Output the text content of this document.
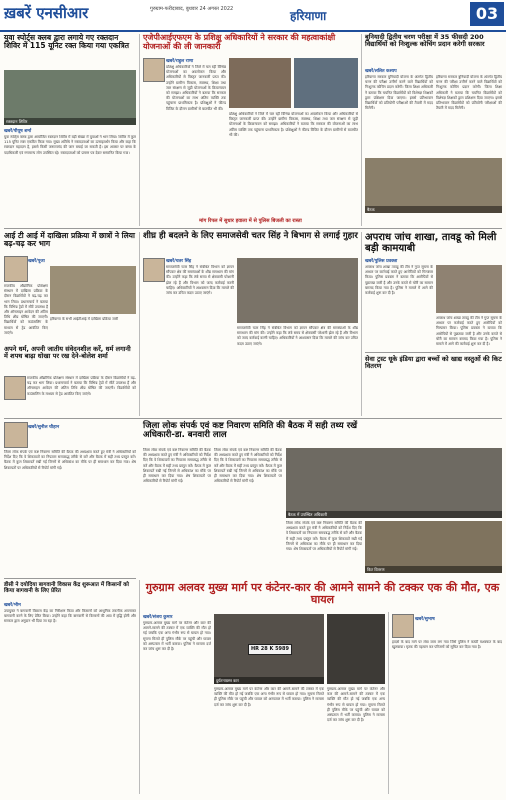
ख़बरें एनसीआर	गुरुग्राम-फरीदाबाद, बुधवार 24 अगस्त 2022	हरियाणा	03
युवा स्पोर्ट्स क्लब द्वारा लगाये गए रक्तदान शिविर में 115 यूनिट रक्त किया गया एकत्रित
रक्तदान शिविर
खबरें/पीयूष शर्मा
युवा स्पोर्ट्स क्लब द्वारा आयोजित रक्तदान शिविर में बड़ी संख्या में युवाओं ने भाग लिया। शिविर में कुल 115 यूनिट रक्त एकत्रित किया गया। मुख्य अतिथि ने रक्तदाताओं का उत्साहवर्धन किया और कहा कि रक्तदान महादान है, इससे किसी जरूरतमंद की जान बचाई जा सकती है। इस अवसर पर क्लब के पदाधिकारी एवं गणमान्य लोग उपस्थित रहे। रक्तदाताओं को प्रमाण पत्र देकर सम्मानित किया गया।
एजेपीआईएफएम के प्रशिक्षु अधिकारियों ने सरकार की महत्वाकांक्षी योजनाओं की ली जानकारी
खबरें/राहुल राणा
प्रशिक्षु अधिकारियों ने जिले में चल रही विभिन्न योजनाओं का अवलोकन किया और अधिकारियों से विस्तृत जानकारी प्राप्त की। उन्होंने ग्रामीण विकास, स्वास्थ्य, शिक्षा तथा जल संरक्षण से जुड़ी योजनाओं के क्रियान्वयन को समझा। अधिकारियों ने बताया कि सरकार की योजनाओं का लाभ अंतिम व्यक्ति तक पहुंचाना प्राथमिकता है। प्रशिक्षुओं ने फील्ड विजिट के दौरान ग्रामीणों से बातचीत भी की।
प्रशिक्षु अधिकारियों ने जिले में चल रही विभिन्न योजनाओं का अवलोकन किया और अधिकारियों से विस्तृत जानकारी प्राप्त की। उन्होंने ग्रामीण विकास, स्वास्थ्य, शिक्षा तथा जल संरक्षण से जुड़ी योजनाओं के क्रियान्वयन को समझा। अधिकारियों ने बताया कि सरकार की योजनाओं का लाभ अंतिम व्यक्ति तक पहुंचाना प्राथमिकता है। प्रशिक्षुओं ने फील्ड विजिट के दौरान ग्रामीणों से बातचीत भी की।
मांग रिपल में सुधार हवाला में से पुलिस बिजली का रास्ता
बुनियादी द्वितीय चरण परीक्षा में 35 फीसदी 200 विद्यार्थियों को निःशुल्क कोचिंग प्रदान करेगी सरकार
खबरें/ललित कश्यप
हरियाणा सरकार बुनियादी योजना के अंतर्गत द्वितीय चरण की परीक्षा उत्तीर्ण करने वाले विद्यार्थियों को निःशुल्क कोचिंग प्रदान करेगी। जिला शिक्षा अधिकारी ने बताया कि चयनित विद्यार्थियों को विशेषज्ञ शिक्षकों द्वारा प्रशिक्षण दिया जाएगा। इससे प्रतिभावान विद्यार्थियों को प्रतियोगी परीक्षाओं की तैयारी में मदद मिलेगी।
हरियाणा सरकार बुनियादी योजना के अंतर्गत द्वितीय चरण की परीक्षा उत्तीर्ण करने वाले विद्यार्थियों को निःशुल्क कोचिंग प्रदान करेगी। जिला शिक्षा अधिकारी ने बताया कि चयनित विद्यार्थियों को विशेषज्ञ शिक्षकों द्वारा प्रशिक्षण दिया जाएगा। इससे प्रतिभावान विद्यार्थियों को प्रतियोगी परीक्षाओं की तैयारी में मदद मिलेगी।
बैठक
आई टी आई में दाखिला प्रक्रिया में छात्रों ने लिया बढ़-चढ़ कर भाग
खबरें/पूजा
राजकीय औद्योगिक प्रशिक्षण संस्थान में दाखिला प्रक्रिया के दौरान विद्यार्थियों ने बढ़-चढ़ कर भाग लिया। प्रधानाचार्य ने बताया कि विभिन्न ट्रेडों में सीटें उपलब्ध हैं और ऑनलाइन आवेदन की अंतिम तिथि शीघ्र घोषित की जाएगी। विद्यार्थियों को काउंसलिंग के माध्यम से ट्रेड आवंटित किए जाएंगे।
हरियाणा के सभी आईटीआई में दाखिला प्रक्रिया जारी
अपने धर्म, अपनी जातीय संवेदनशील करें, धर्म लगानी में शपथ बाढ़ा धोखा पर रख देने-बोलेश शर्मा
राजकीय औद्योगिक प्रशिक्षण संस्थान में दाखिला प्रक्रिया के दौरान विद्यार्थियों ने बढ़-चढ़ कर भाग लिया। प्रधानाचार्य ने बताया कि विभिन्न ट्रेडों में सीटें उपलब्ध हैं और ऑनलाइन आवेदन की अंतिम तिथि शीघ्र घोषित की जाएगी। विद्यार्थियों को काउंसलिंग के माध्यम से ट्रेड आवंटित किए जाएंगे।
शीघ्र ही बदलने के लिए समाजसेवी चतर सिंह ने बिभाग से लगाई गुहार
खबरें/चतर सिंह
समाजसेवी चतर सिंह ने संबंधित विभाग को ज्ञापन सौंपकर क्षेत्र की समस्याओं के शीघ्र समाधान की मांग की। उन्होंने कहा कि लंबे समय से क्षेत्रवासी परेशानी झेल रहे हैं और विभाग को जल्द कार्रवाई करनी चाहिए। अधिकारियों ने आश्वासन दिया कि मामले की जांच कर उचित कदम उठाए जाएंगे।
समाजसेवी चतर सिंह ने संबंधित विभाग को ज्ञापन सौंपकर क्षेत्र की समस्याओं के शीघ्र समाधान की मांग की। उन्होंने कहा कि लंबे समय से क्षेत्रवासी परेशानी झेल रहे हैं और विभाग को जल्द कार्रवाई करनी चाहिए। अधिकारियों ने आश्वासन दिया कि मामले की जांच कर उचित कदम उठाए जाएंगे।
अपराध जांच शाखा, तावडू को मिली बड़ी कामयाबी
खबरें/पुलिस प्रवक्ता
अपराध जांच शाखा तावडू की टीम ने गुप्त सूचना के आधार पर कार्रवाई करते हुए आरोपियों को गिरफ्तार किया। पुलिस प्रवक्ता ने बताया कि आरोपियों से पूछताछ जारी है और उनके कब्जे से चोरी का सामान बरामद किया गया है। पुलिस ने मामले में आगे की कार्रवाई शुरू कर दी है।
अपराध जांच शाखा तावडू की टीम ने गुप्त सूचना के आधार पर कार्रवाई करते हुए आरोपियों को गिरफ्तार किया। पुलिस प्रवक्ता ने बताया कि आरोपियों से पूछताछ जारी है और उनके कब्जे से चोरी का सामान बरामद किया गया है। पुलिस ने मामले में आगे की कार्रवाई शुरू कर दी है।
सेवा ट्रस्ट धूके इंडिया द्वारा बच्चों को खाद्य वस्तुओं की किट वितरण
जिला लोक संपर्क एवं कष्ट निवारण समिति की बैठक में सही तथ्य रखें अधिकारी-डा. बनवारी लाल
खबरें/सुनील चौहान
जिला लोक संपर्क एवं कष्ट निवारण समिति की बैठक की अध्यक्षता करते हुए मंत्री ने अधिकारियों को निर्देश दिए कि वे शिकायतों का निपटारा समयबद्ध तरीके से करें और बैठक में सही तथ्य प्रस्तुत करें। बैठक में कुल शिकायतें रखी गईं जिनमें से अधिकांश का मौके पर ही समाधान कर दिया गया। शेष शिकायतों पर अधिकारियों से रिपोर्ट मांगी गई।
जिला लोक संपर्क एवं कष्ट निवारण समिति की बैठक की अध्यक्षता करते हुए मंत्री ने अधिकारियों को निर्देश दिए कि वे शिकायतों का निपटारा समयबद्ध तरीके से करें और बैठक में सही तथ्य प्रस्तुत करें। बैठक में कुल शिकायतें रखी गईं जिनमें से अधिकांश का मौके पर ही समाधान कर दिया गया। शेष शिकायतों पर अधिकारियों से रिपोर्ट मांगी गई।
जिला लोक संपर्क एवं कष्ट निवारण समिति की बैठक की अध्यक्षता करते हुए मंत्री ने अधिकारियों को निर्देश दिए कि वे शिकायतों का निपटारा समयबद्ध तरीके से करें और बैठक में सही तथ्य प्रस्तुत करें। बैठक में कुल शिकायतें रखी गईं जिनमें से अधिकांश का मौके पर ही समाधान कर दिया गया। शेष शिकायतों पर अधिकारियों से रिपोर्ट मांगी गई।
बैठक में उपस्थित अधिकारी
किट वितरण
जिला लोक संपर्क एवं कष्ट निवारण समिति की बैठक की अध्यक्षता करते हुए मंत्री ने अधिकारियों को निर्देश दिए कि वे शिकायतों का निपटारा समयबद्ध तरीके से करें और बैठक में सही तथ्य प्रस्तुत करें। बैठक में कुल शिकायतें रखी गईं जिनमें से अधिकांश का मौके पर ही समाधान कर दिया गया। शेष शिकायतों पर अधिकारियों से रिपोर्ट मांगी गई।
डीसी ने दयोदिया बागवानी विकास केंद्र शुरूआत में किसानों को किया बागवानी के लिए प्रेरित
खबरें/भीम
उपायुक्त ने बागवानी विकास केंद्र का निरीक्षण किया और किसानों को आधुनिक तकनीक अपनाकर बागवानी करने के लिए प्रेरित किया। उन्होंने कहा कि बागवानी से किसानों की आय में वृद्धि होगी और सरकार द्वारा अनुदान भी दिया जा रहा है।
गुरुग्राम अलवर मुख्य मार्ग पर कंटेनर-कार की आमने सामने की टक्कर एक की मौत, एक घायल
खबरें/संजय कुमार
गुरुग्राम-अलवर मुख्य मार्ग पर कंटेनर और कार की आमने-सामने की टक्कर में एक व्यक्ति की मौत हो गई जबकि एक अन्य गंभीर रूप से घायल हो गया। सूचना मिलते ही पुलिस मौके पर पहुंची और घायल को अस्पताल में भर्ती कराया। पुलिस ने मामला दर्ज कर जांच शुरू कर दी है।	HR 28 K 5989
दुर्घटनाग्रस्त कार
गुरुग्राम-अलवर मुख्य मार्ग पर कंटेनर और कार की आमने-सामने की टक्कर में एक व्यक्ति की मौत हो गई जबकि एक अन्य गंभीर रूप से घायल हो गया। सूचना मिलते ही पुलिस मौके पर पहुंची और घायल को अस्पताल में भर्ती कराया। पुलिस ने मामला दर्ज कर जांच शुरू कर दी है।
गुरुग्राम-अलवर मुख्य मार्ग पर कंटेनर और कार की आमने-सामने की टक्कर में एक व्यक्ति की मौत हो गई जबकि एक अन्य गंभीर रूप से घायल हो गया। सूचना मिलते ही पुलिस मौके पर पहुंची और घायल को अस्पताल में भर्ती कराया। पुलिस ने मामला दर्ज कर जांच शुरू कर दी है।
खबरें/सुभाष
हादसे के बाद मार्ग पर लंबा जाम लग गया जिसे पुलिस ने काफी मशक्कत के बाद खुलवाया। मृतक की पहचान कर परिजनों को सूचित कर दिया गया है।
